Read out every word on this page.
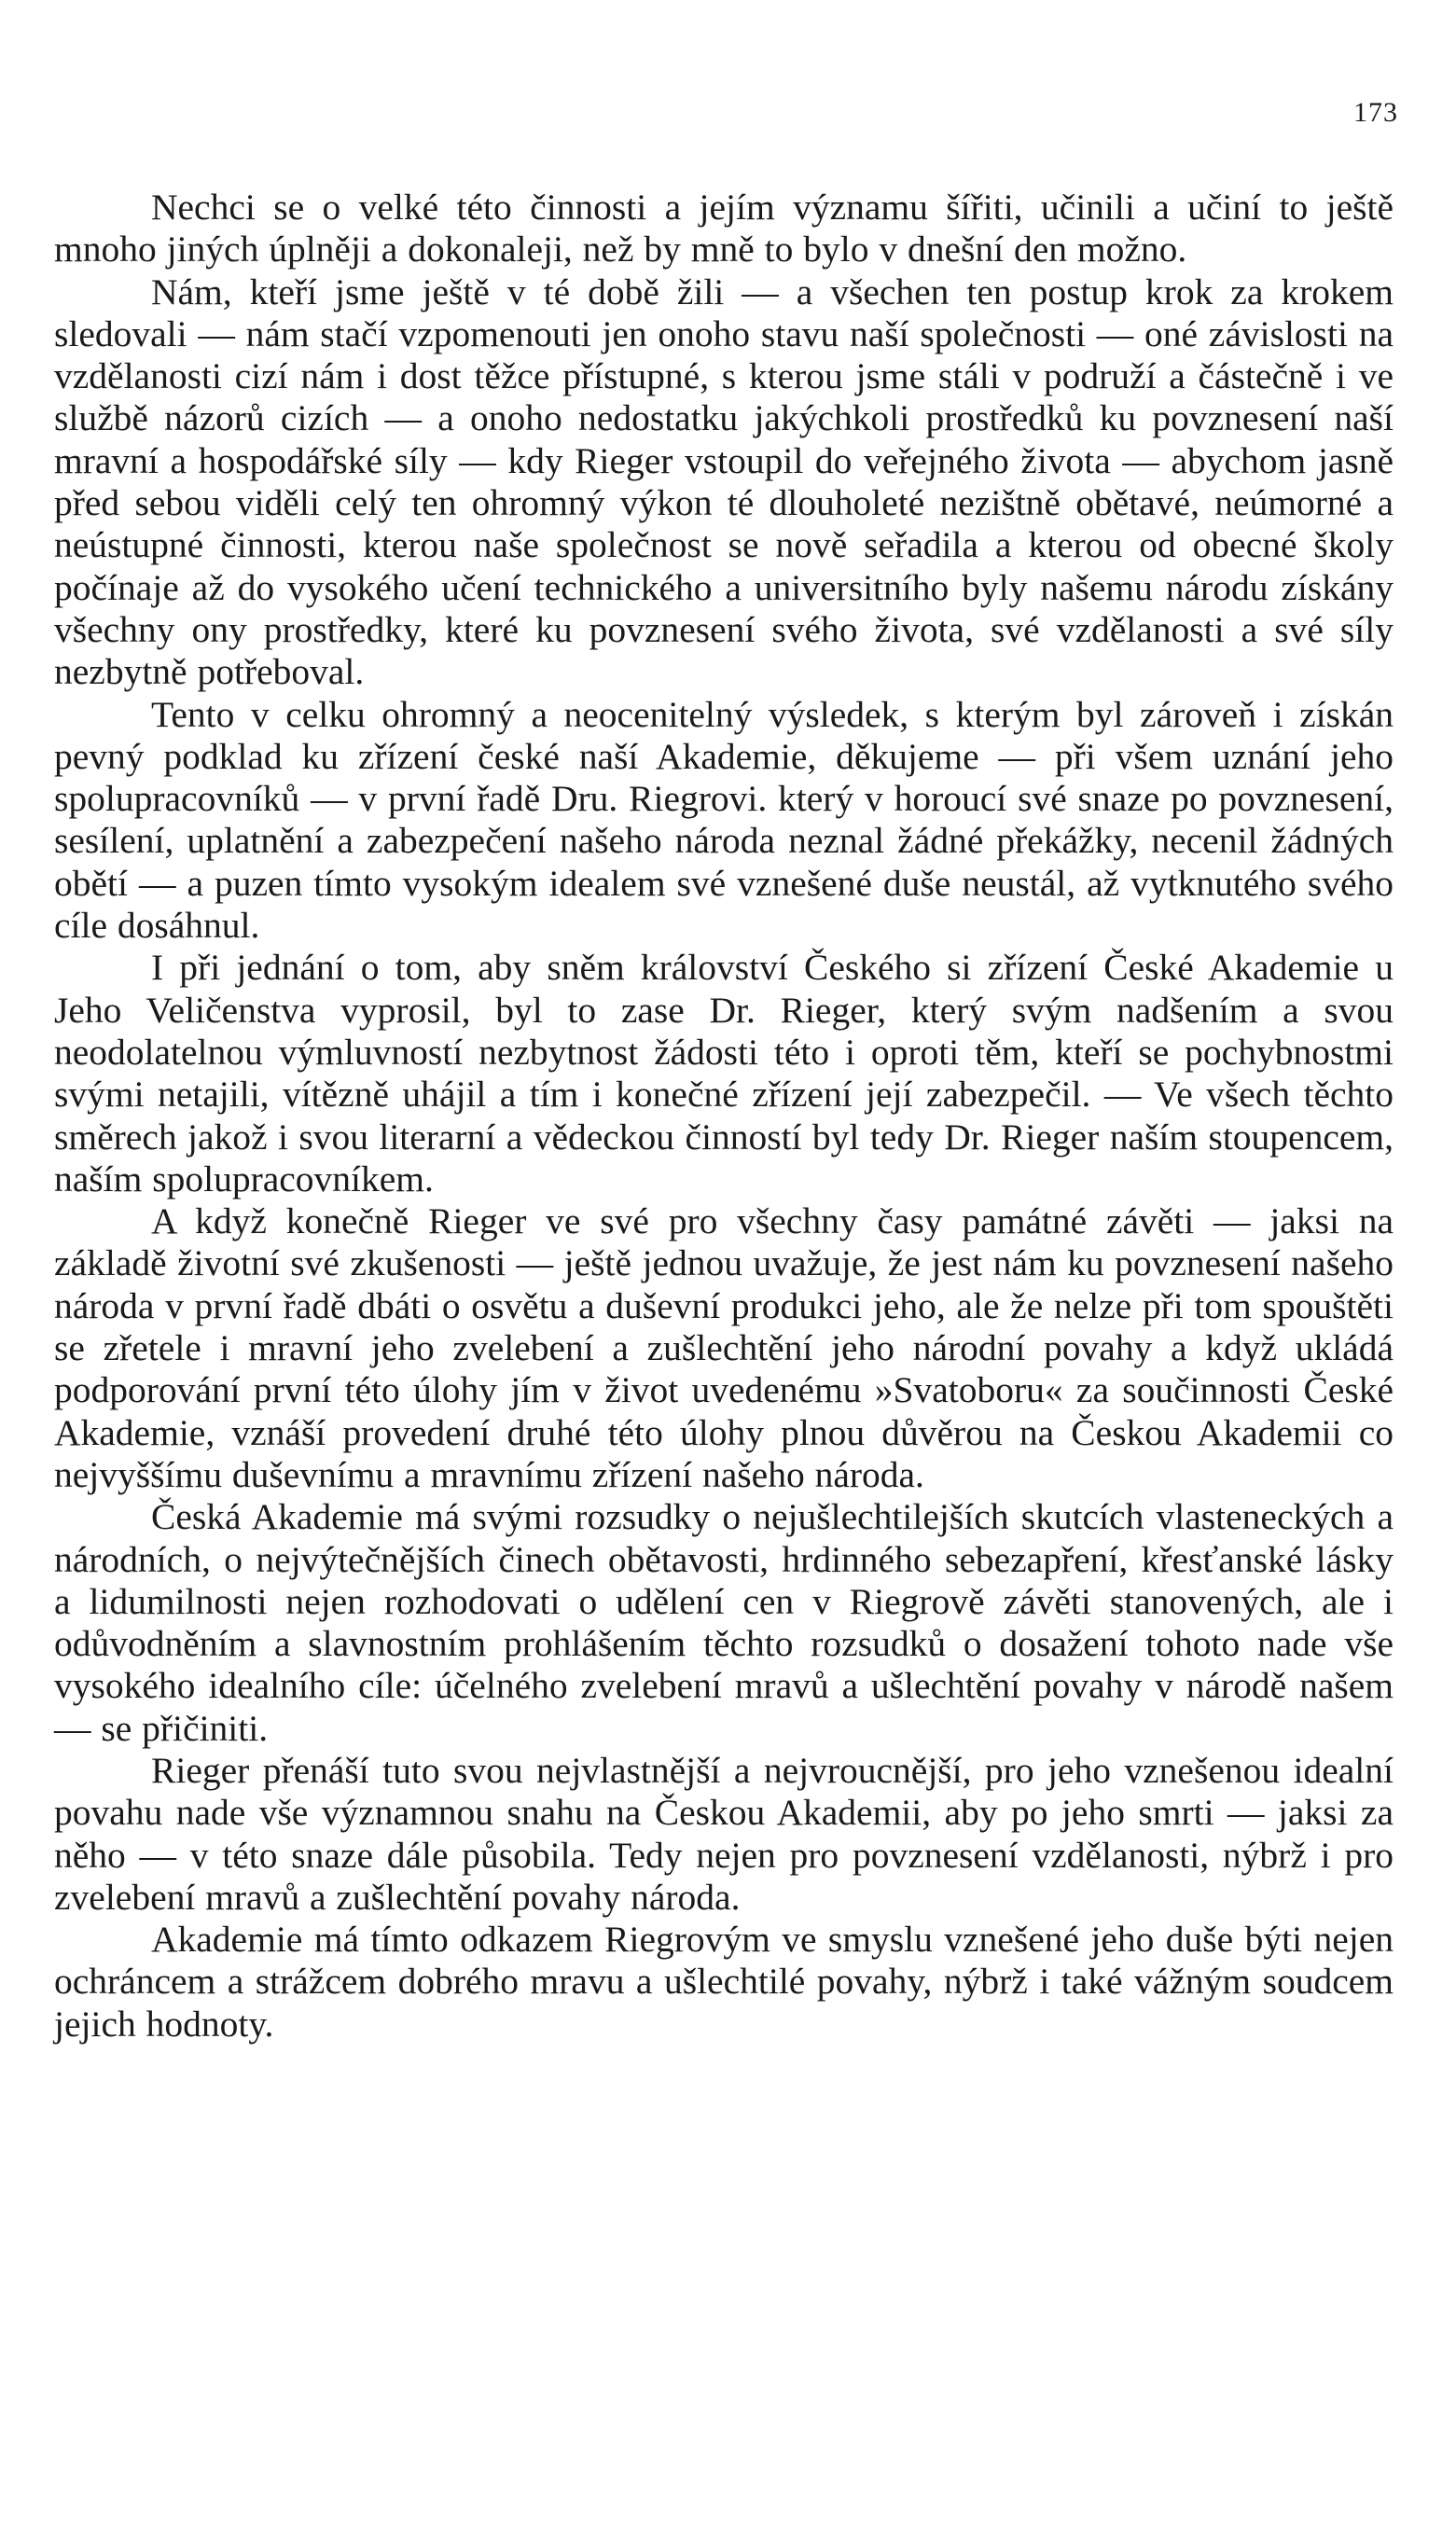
173

Nechci se o velké této činnosti a jejím významu šířiti, učinili a učiní to ještě mnoho jiných úplněji a dokonaleji, než by mně to bylo v dnešní den možno.

Nám, kteří jsme ještě v té době žili — a všechen ten postup krok za krokem sledovali — nám stačí vzpomenouti jen onoho stavu naší společnosti — oné závislosti na vzdělanosti cizí nám i dost těžce přístupné, s kterou jsme stáli v podruží a částečně i ve službě názorů cizích — a onoho nedostatku jakýchkoli prostředků ku povznesení naší mravní a hospodářské síly — kdy Rieger vstoupil do veřejného života — abychom jasně před sebou viděli celý ten ohromný výkon té dlouholeté nezištně obětavé, neúmorné a neústupné činnosti, kterou naše společnost se nově seřadila a kterou od obecné školy počínaje až do vysokého učení technického a universitního byly našemu národu získány všechny ony prostředky, které ku povznesení svého života, své vzdělanosti a své síly nezbytně potřeboval.

Tento v celku ohromný a neocenitelný výsledek, s kterým byl zároveň i získán pevný podklad ku zřízení české naší Akademie, děkujeme — při všem uznání jeho spolupracovníků — v první řadě Dru. Riegrovi. který v horoucí své snaze po povznesení, sesílení, uplatnění a zabezpečení našeho národa neznal žádné překážky, necenil žádných obětí — a puzen tímto vysokým idealem své vznešené duše neustál, až vytknutého svého cíle dosáhnul.

I při jednání o tom, aby sněm království Českého si zřízení České Akademie u Jeho Veličenstva vyprosil, byl to zase Dr. Rieger, který svým nadšením a svou neodolatelnou výmluvností nezbytnost žádosti této i oproti těm, kteří se pochybnostmi svými netajili, vítězně uhájil a tím i konečné zřízení její zabezpečil. — Ve všech těchto směrech jakož i svou literarní a vědeckou činností byl tedy Dr. Rieger naším stoupencem, naším spolupracovníkem.

A když konečně Rieger ve své pro všechny časy památné závěti — jaksi na základě životní své zkušenosti — ještě jednou uvažuje, že jest nám ku povznesení našeho národa v první řadě dbáti o osvětu a duševní produkci jeho, ale že nelze při tom spouštěti se zřetele i mravní jeho zvelebení a zušlechtění jeho národní povahy a když ukládá podporování první této úlohy jím v život uvedenému »Svatoboru« za součinnosti České Akademie, vznáší provedení druhé této úlohy plnou důvěrou na Českou Akademii co nejvyššímu duševnímu a mravnímu zřízení našeho národa.

Česká Akademie má svými rozsudky o nejušlechtilejších skutcích vlasteneckých a národních, o nejvýtečnějších činech obětavosti, hrdinného sebezapření, křesťanské lásky a lidumilnosti nejen rozhodovati o udělení cen v Riegrově závěti stanovených, ale i odůvodněním a slavnostním prohlášením těchto rozsudků o dosažení tohoto nade vše vysokého idealního cíle: účelného zvelebení mravů a ušlechtění povahy v národě našem — se přičiniti.

Rieger přenáší tuto svou nejvlastnější a nejvroucnější, pro jeho vznešenou idealní povahu nade vše významnou snahu na Českou Akademii, aby po jeho smrti — jaksi za něho — v této snaze dále působila. Tedy nejen pro povznesení vzdělanosti, nýbrž i pro zvelebení mravů a zušlechtění povahy národa.

Akademie má tímto odkazem Riegrovým ve smyslu vznešené jeho duše býti nejen ochráncem a strážcem dobrého mravu a ušlechtilé povahy, nýbrž i také vážným soudcem jejich hodnoty.
